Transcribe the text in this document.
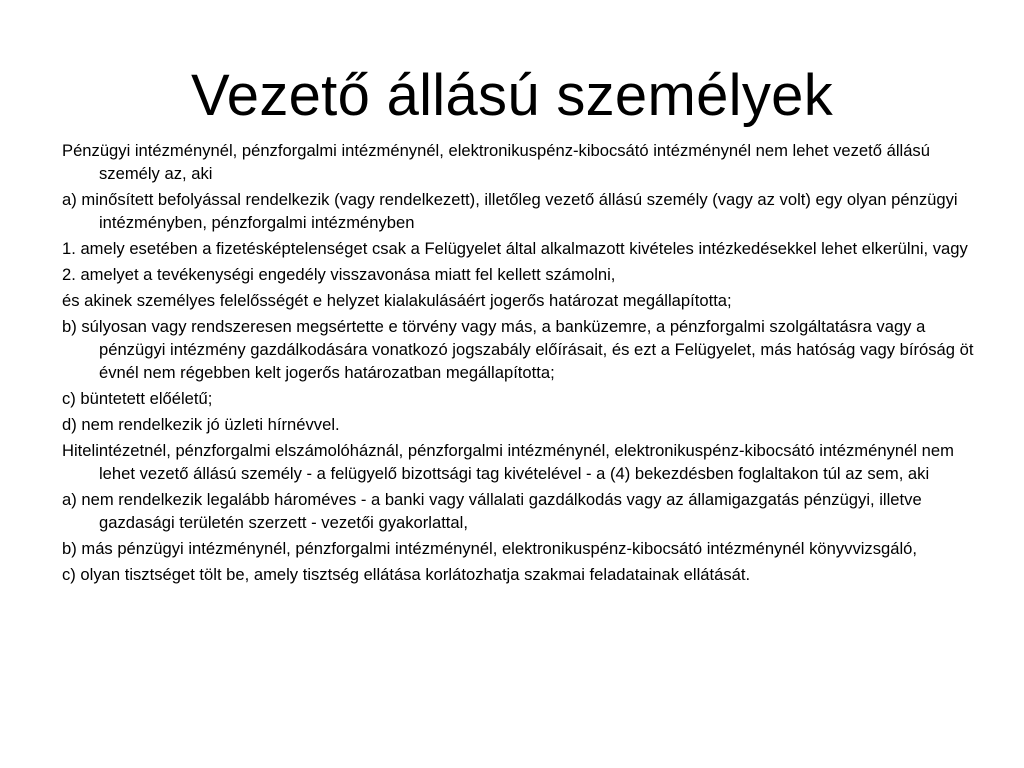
Vezető állású személyek

Pénzügyi intézménynél, pénzforgalmi intézménynél, elektronikuspénz-kibocsátó intézménynél nem lehet vezető állású személy az, aki

a) minősített befolyással rendelkezik (vagy rendelkezett), illetőleg vezető állású személy (vagy az volt) egy olyan pénzügyi intézményben, pénzforgalmi intézményben

1. amely esetében a fizetésképtelenséget csak a Felügyelet által alkalmazott kivételes intézkedésekkel lehet elkerülni, vagy

2. amelyet a tevékenységi engedély visszavonása miatt fel kellett számolni,

és akinek személyes felelősségét e helyzet kialakulásáért jogerős határozat megállapította;

b) súlyosan vagy rendszeresen megsértette e törvény vagy más, a banküzemre, a pénzforgalmi szolgáltatásra vagy a pénzügyi intézmény gazdálkodására vonatkozó jogszabály előírásait, és ezt a Felügyelet, más hatóság vagy bíróság öt évnél nem régebben kelt jogerős határozatban megállapította;

c) büntetett előéletű;

d) nem rendelkezik jó üzleti hírnévvel.

Hitelintézetnél, pénzforgalmi elszámolóháznál, pénzforgalmi intézménynél, elektronikuspénz-kibocsátó intézménynél nem lehet vezető állású személy - a felügyelő bizottsági tag kivételével - a (4) bekezdésben foglaltakon túl az sem, aki

a) nem rendelkezik legalább hároméves - a banki vagy vállalati gazdálkodás vagy az államigazgatás pénzügyi, illetve gazdasági területén szerzett - vezetői gyakorlattal,

b) más pénzügyi intézménynél, pénzforgalmi intézménynél, elektronikuspénz-kibocsátó intézménynél könyvvizsgáló,

c) olyan tisztséget tölt be, amely tisztség ellátása korlátozhatja szakmai feladatainak ellátását.
